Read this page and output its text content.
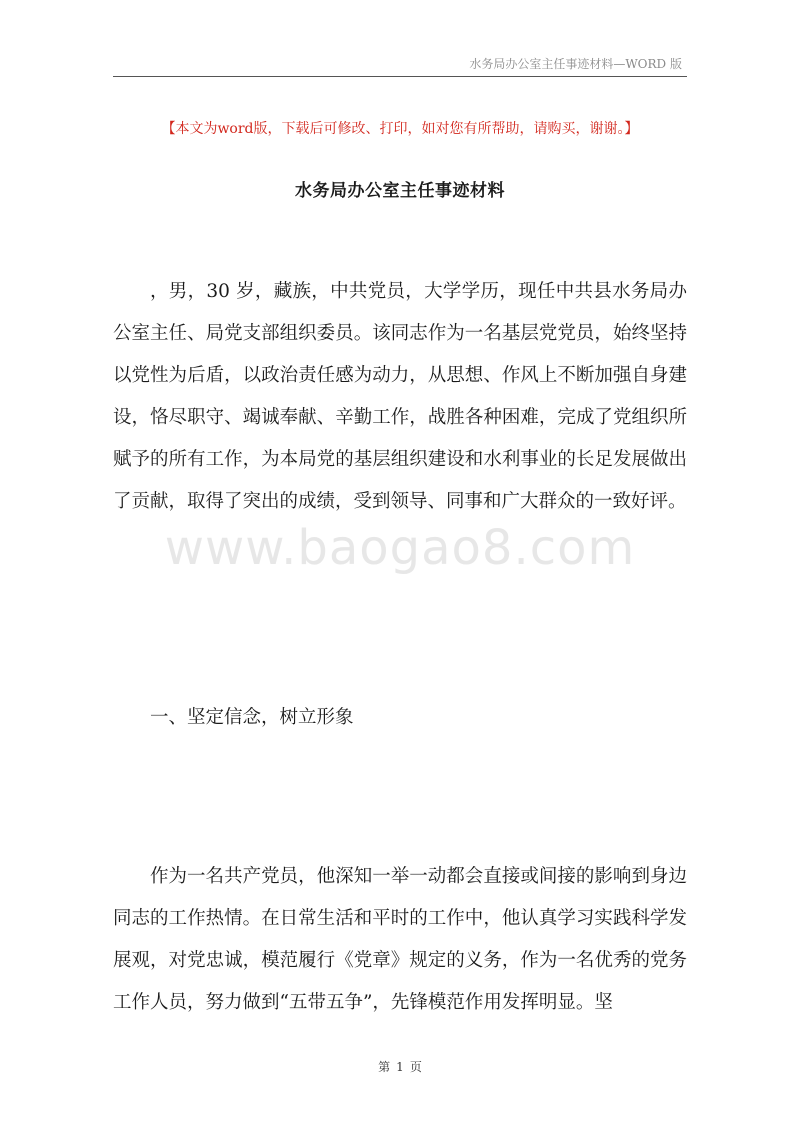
水务局办公室主任事迹材料—WORD 版
【本文为word版，下载后可修改、打印，如对您有所帮助，请购买，谢谢。】
水务局办公室主任事迹材料
，男，30 岁，藏族，中共党员，大学学历，现任中共县水务局办公室主任、局党支部组织委员。该同志作为一名基层党党员，始终坚持以党性为后盾，以政治责任感为动力，从思想、作风上不断加强自身建设，恪尽职守、竭诚奉献、辛勤工作，战胜各种困难，完成了党组织所赋予的所有工作，为本局党的基层组织建设和水利事业的长足发展做出了贡献，取得了突出的成绩，受到领导、同事和广大群众的一致好评。
www.baogao8.com
一、坚定信念，树立形象
作为一名共产党员，他深知一举一动都会直接或间接的影响到身边同志的工作热情。在日常生活和平时的工作中，他认真学习实践科学发展观，对党忠诚，模范履行《党章》规定的义务，作为一名优秀的党务工作人员，努力做到“五带五争”，先锋模范作用发挥明显。坚
第 1 页
